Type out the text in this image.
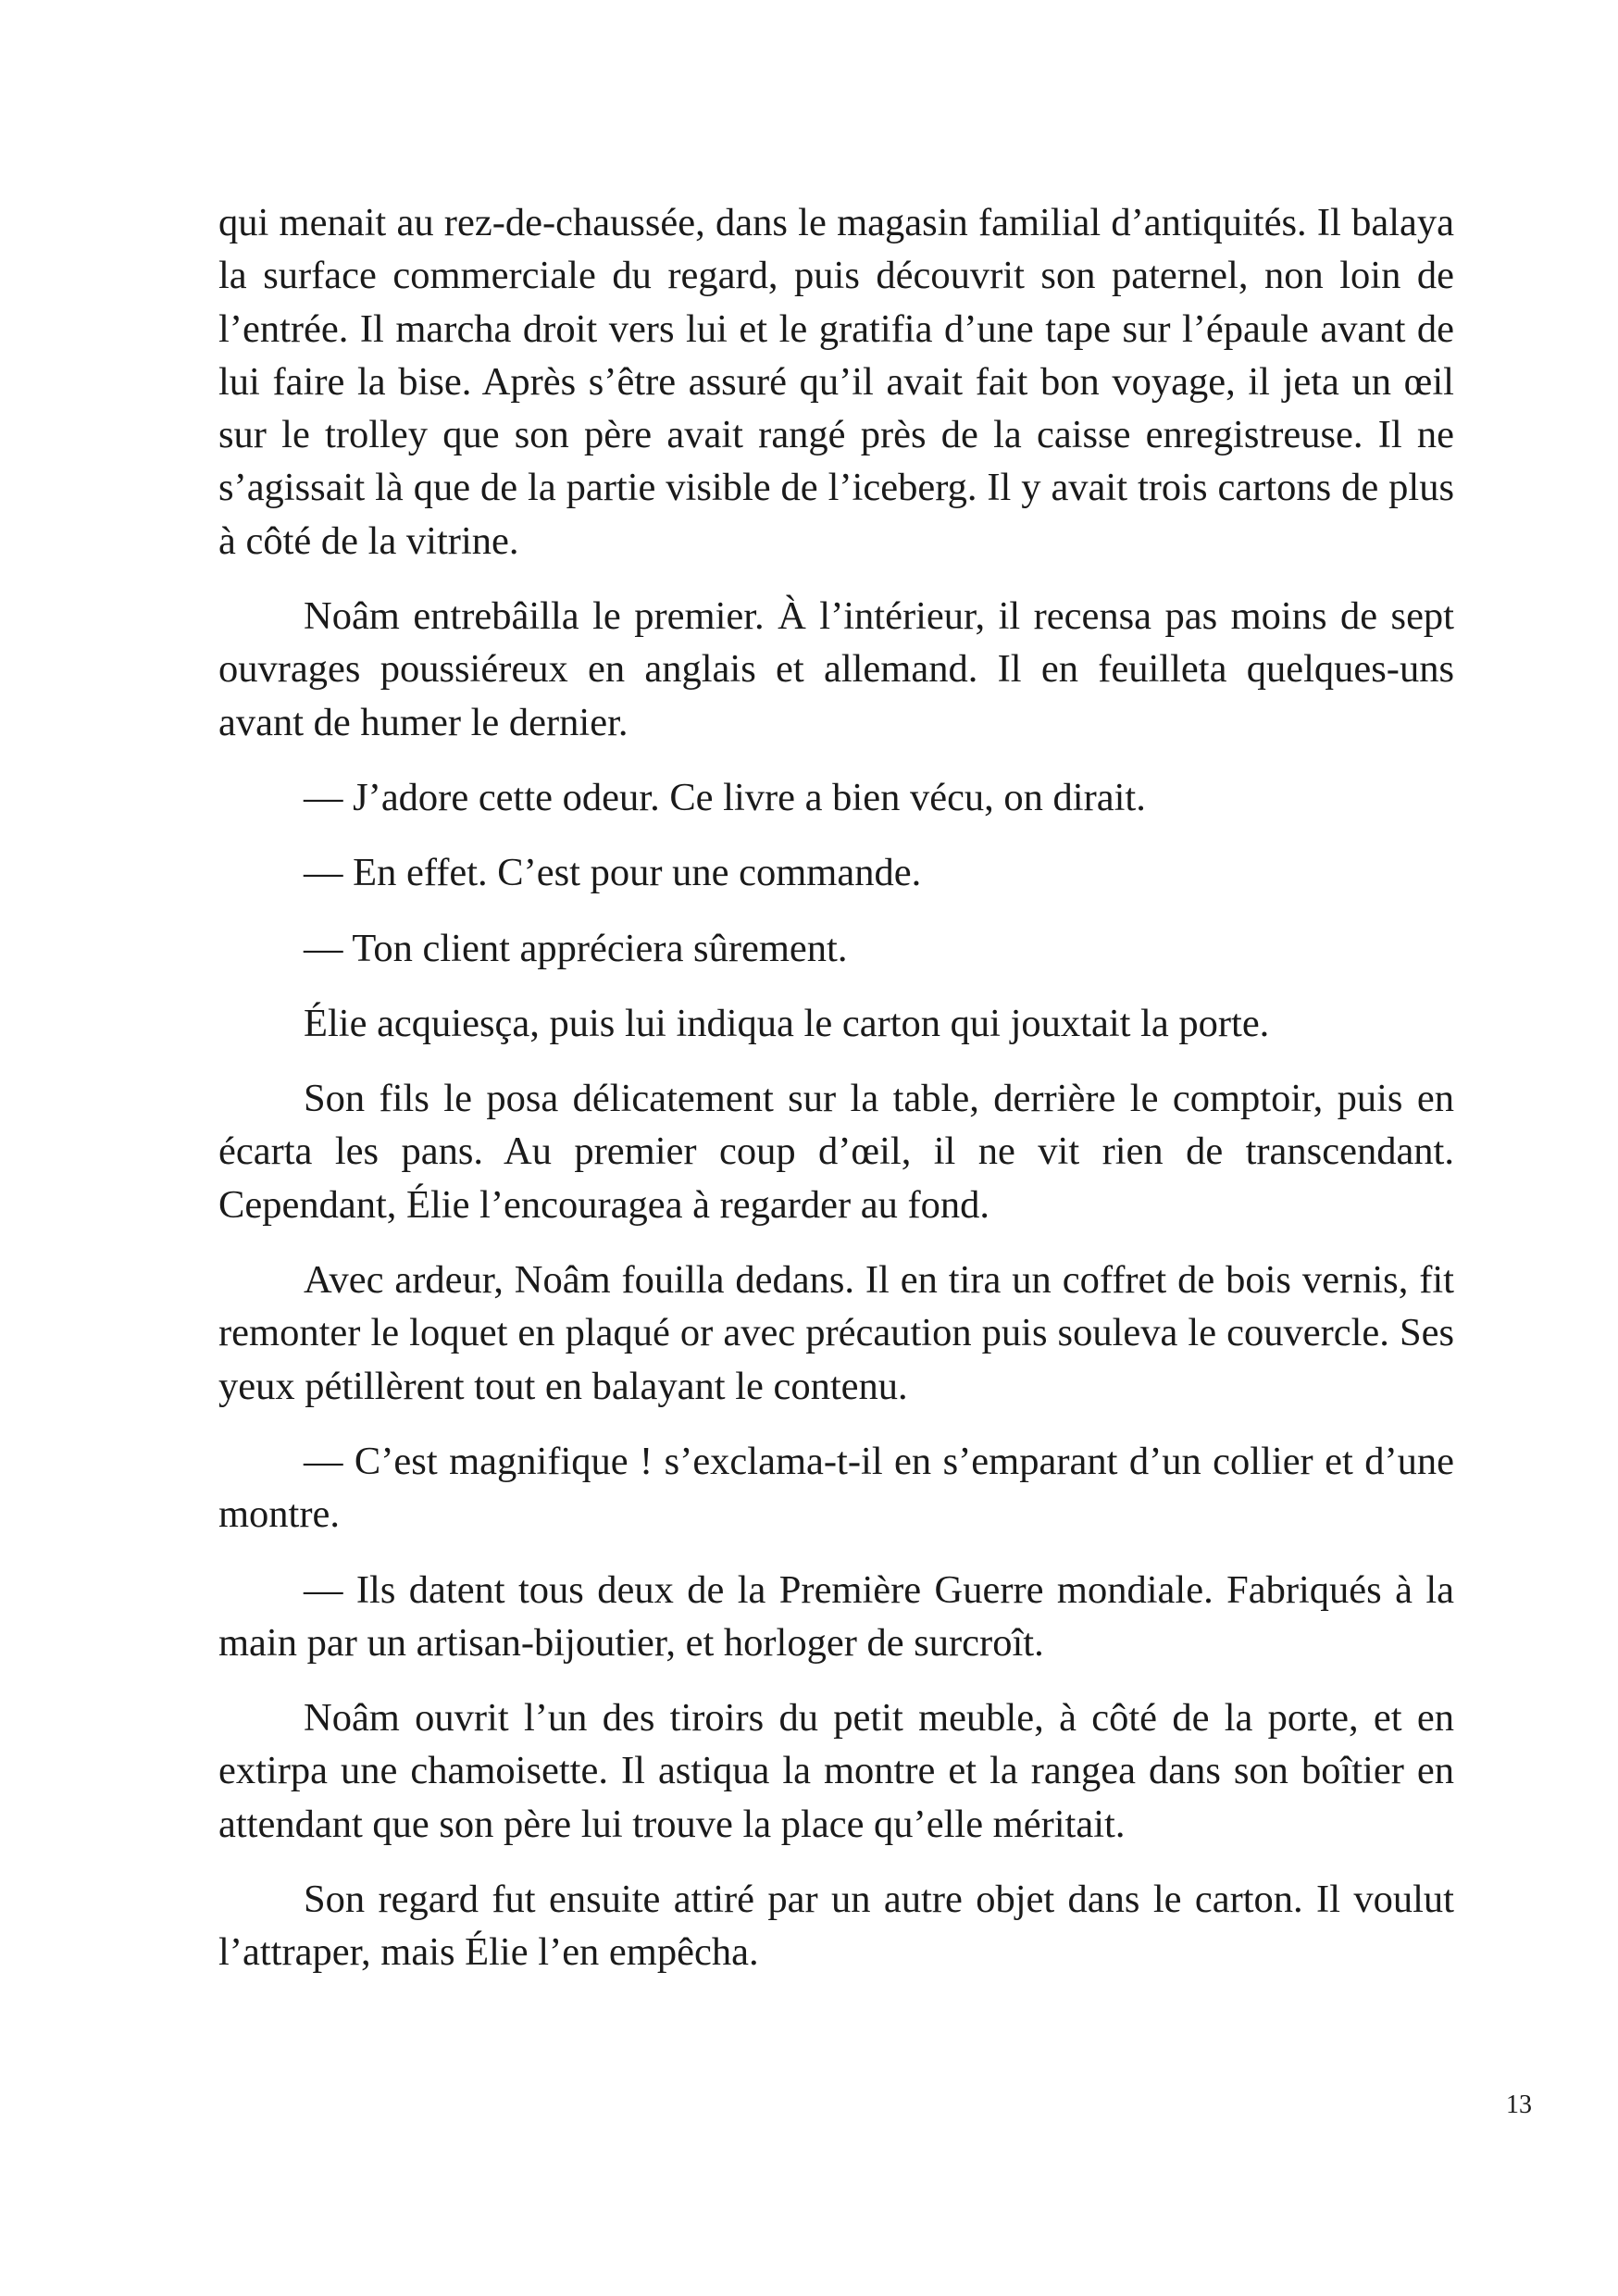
qui menait au rez-de-chaussée, dans le magasin familial d’antiquités. Il balaya la surface commerciale du regard, puis découvrit son paternel, non loin de l’entrée. Il marcha droit vers lui et le gratifia d’une tape sur l’épaule avant de lui faire la bise. Après s’être assuré qu’il avait fait bon voyage, il jeta un œil sur le trolley que son père avait rangé près de la caisse enregistreuse. Il ne s’agissait là que de la partie visible de l’iceberg. Il y avait trois cartons de plus à côté de la vitrine.

Noâm entrebâilla le premier. À l’intérieur, il recensa pas moins de sept ouvrages poussiéreux en anglais et allemand. Il en feuilleta quelques-uns avant de humer le dernier.

— J’adore cette odeur. Ce livre a bien vécu, on dirait.

— En effet. C’est pour une commande.

— Ton client appréciera sûrement.

Élie acquiesça, puis lui indiqua le carton qui jouxtait la porte.

Son fils le posa délicatement sur la table, derrière le comptoir, puis en écarta les pans. Au premier coup d’œil, il ne vit rien de transcendant. Cependant, Élie l’encouragea à regarder au fond.

Avec ardeur, Noâm fouilla dedans. Il en tira un coffret de bois vernis, fit remonter le loquet en plaqué or avec précaution puis souleva le couvercle. Ses yeux pétillèrent tout en balayant le contenu.

— C’est magnifique ! s’exclama-t-il en s’emparant d’un collier et d’une montre.

— Ils datent tous deux de la Première Guerre mondiale. Fabriqués à la main par un artisan-bijoutier, et horloger de surcroît.

Noâm ouvrit l’un des tiroirs du petit meuble, à côté de la porte, et en extirpa une chamoisette. Il astiqua la montre et la rangea dans son boîtier en attendant que son père lui trouve la place qu’elle méritait.

Son regard fut ensuite attiré par un autre objet dans le carton. Il voulut l’attraper, mais Élie l’en empêcha.

13
